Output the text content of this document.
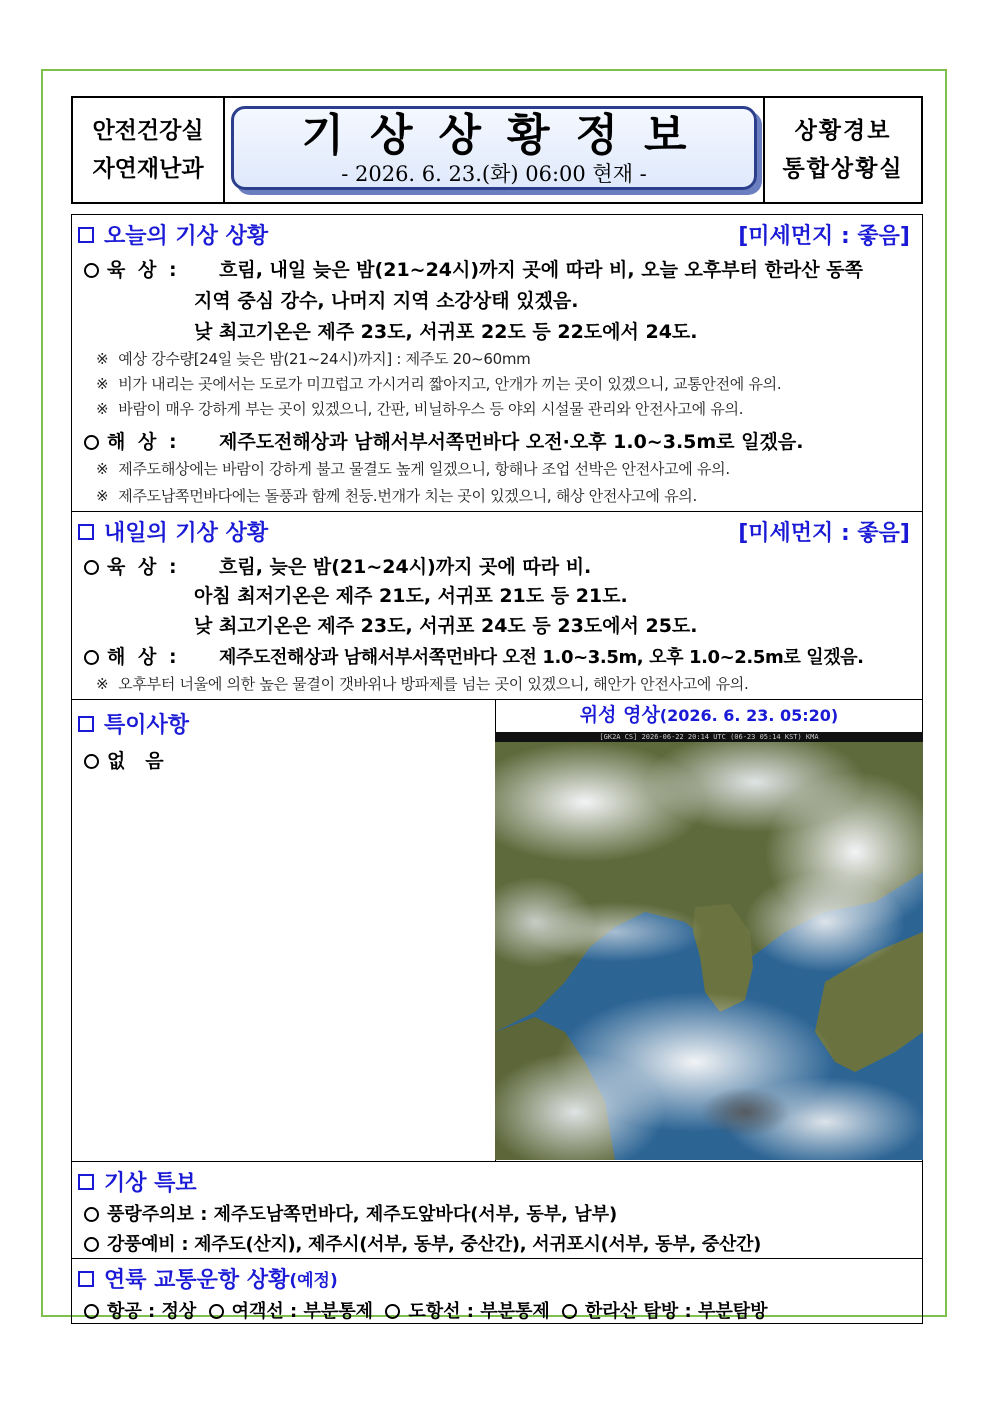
안전건강실
자연재난과
기상상황정보
- 2026. 6. 23.(화) 06:00 현재 -
상황경보
통합상황실
오늘의 기상 상황	[미세먼지 : 좋음]
육 상 : 흐림, 내일 늦은 밤(21~24시)까지 곳에 따라 비, 오늘 오후부터 한라산 동쪽
지역 중심 강수, 나머지 지역 소강상태 있겠음.
낮 최고기온은 제주 23도, 서귀포 22도 등 22도에서 24도.
※ 예상 강수량[24일 늦은 밤(21~24시)까지] : 제주도 20~60mm
※ 비가 내리는 곳에서는 도로가 미끄럽고 가시거리 짧아지고, 안개가 끼는 곳이 있겠으니, 교통안전에 유의.
※ 바람이 매우 강하게 부는 곳이 있겠으니, 간판, 비닐하우스 등 야외 시설물 관리와 안전사고에 유의.
해 상 : 제주도전해상과 남해서부서쪽먼바다 오전·오후 1.0~3.5m로 일겠음.
※ 제주도해상에는 바람이 강하게 불고 물결도 높게 일겠으니, 항해나 조업 선박은 안전사고에 유의.
※ 제주도남쪽먼바다에는 돌풍과 함께 천둥.번개가 치는 곳이 있겠으니, 해상 안전사고에 유의.
내일의 기상 상황	[미세먼지 : 좋음]
육 상 : 흐림, 늦은 밤(21~24시)까지 곳에 따라 비.
아침 최저기온은 제주 21도, 서귀포 21도 등 21도.
낮 최고기온은 제주 23도, 서귀포 24도 등 23도에서 25도.
해 상 : 제주도전해상과 남해서부서쪽먼바다 오전 1.0~3.5m, 오후 1.0~2.5m로 일겠음.
※ 오후부터 너울에 의한 높은 물결이 갯바위나 방파제를 넘는 곳이 있겠으니, 해안가 안전사고에 유의.
특이사항
없   음
위성 영상(2026. 6. 23. 05:20)
[GK2A CS] 2026-06-22 20:14 UTC (06-23 05:14 KST) KMA
기상 특보
풍랑주의보 : 제주도남쪽먼바다, 제주도앞바다(서부, 동부, 남부)
강풍예비 : 제주도(산지), 제주시(서부, 동부, 중산간), 서귀포시(서부, 동부, 중산간)
연륙 교통운항 상황 (예정)
항공 : 정상 여객선 : 부분통제 도항선 : 부분통제 한라산 탐방 : 부분탐방
